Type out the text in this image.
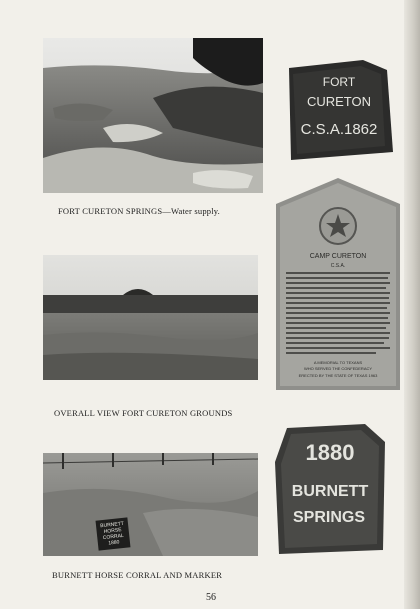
FORT
CURETON
C.S.A.1862
FORT CURETON SPRINGS—Water supply.
CAMP CURETON
C.S.A.
A MEMORIAL TO TEXANS
WHO SERVED THE CONFEDERACY
ERECTED BY THE STATE OF TEXAS 1963
OVERALL VIEW FORT CURETON GROUNDS
BURNETT
HORSE
CORRAL
1880
1880
BURNETT
SPRINGS
BURNETT HORSE CORRAL AND MARKER
56
